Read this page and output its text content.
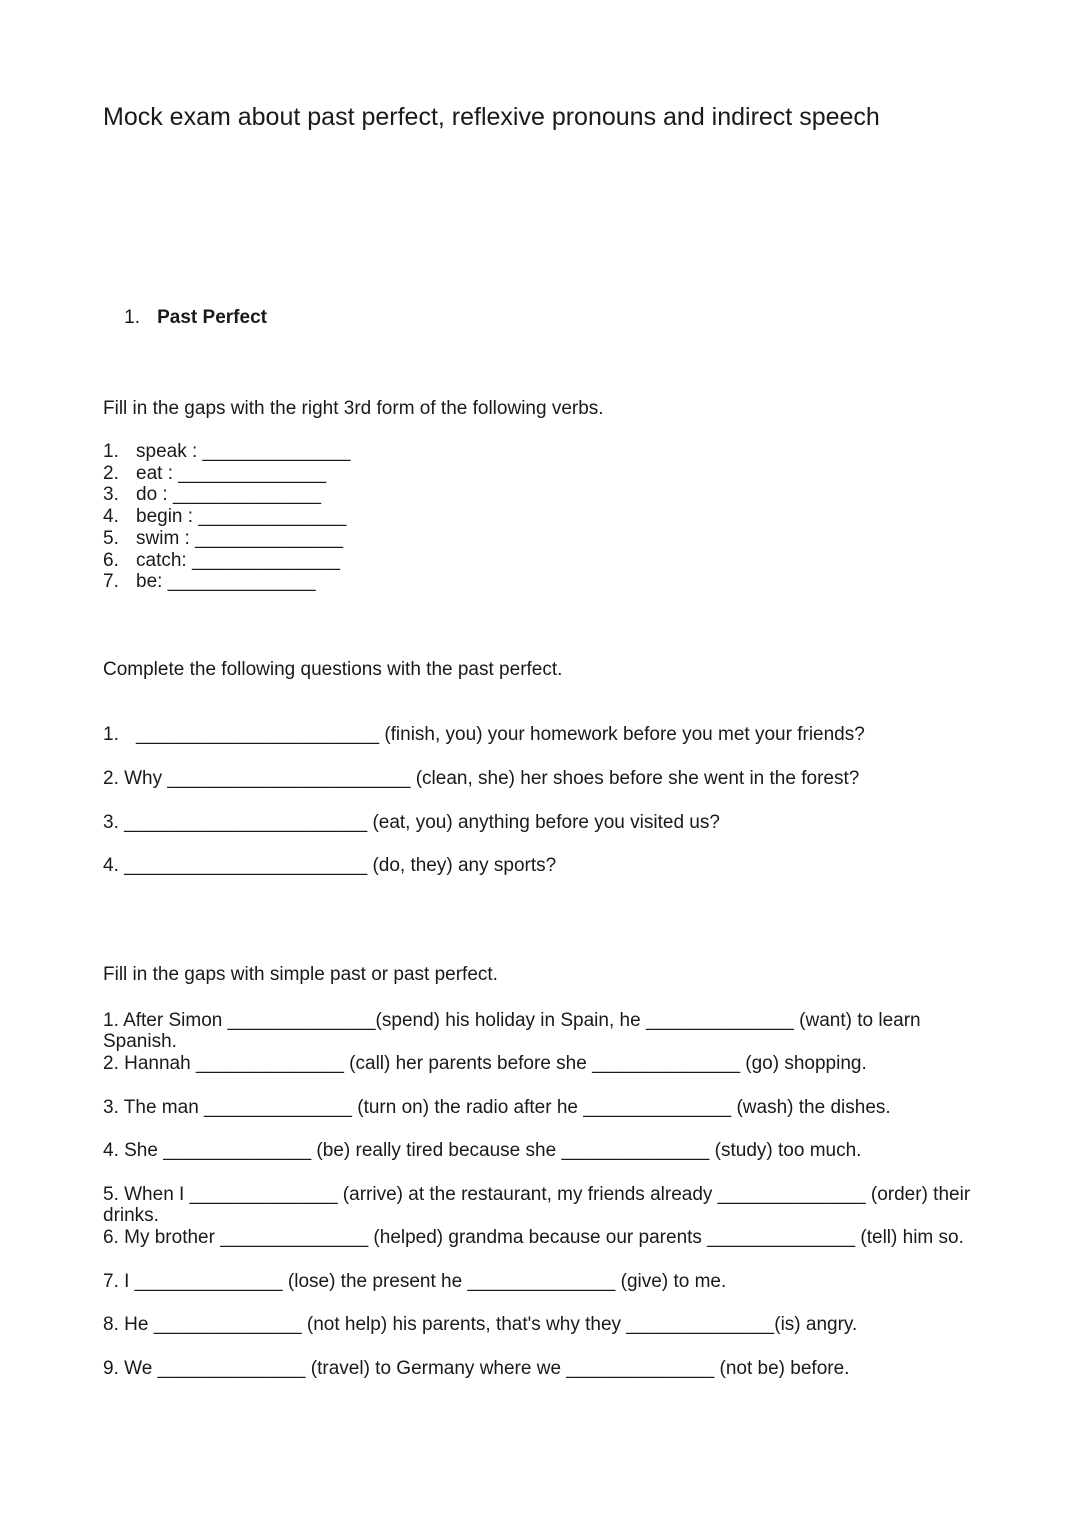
Mock exam about past perfect, reflexive pronouns and indirect speech

1. Past Perfect

Fill in the gaps with the right 3rd form of the following verbs.
1. speak : ______________
2. eat : ______________
3. do : ______________
4. begin : ______________
5. swim : ______________
6. catch: ______________
7. be: ______________
Complete the following questions with the past perfect.
1. _______________________ (finish, you) your homework before you met your friends?
2. Why _______________________ (clean, she) her shoes before she went in the forest?
3. _______________________ (eat, you) anything before you visited us?
4. _______________________ (do, they) any sports?
Fill in the gaps with simple past or past perfect.
1. After Simon ______________(spend) his holiday in Spain, he ______________ (want) to learn
Spanish.
2. Hannah ______________ (call) her parents before she ______________ (go) shopping.
3. The man ______________ (turn on) the radio after he ______________ (wash) the dishes.
4. She ______________ (be) really tired because she ______________ (study) too much.
5. When I ______________ (arrive) at the restaurant, my friends already ______________ (order) their
drinks.
6. My brother ______________ (helped) grandma because our parents ______________ (tell) him so.
7. I ______________ (lose) the present he ______________ (give) to me.
8. He ______________ (not help) his parents, that's why they ______________(is) angry.
9. We ______________ (travel) to Germany where we ______________ (not be) before.
